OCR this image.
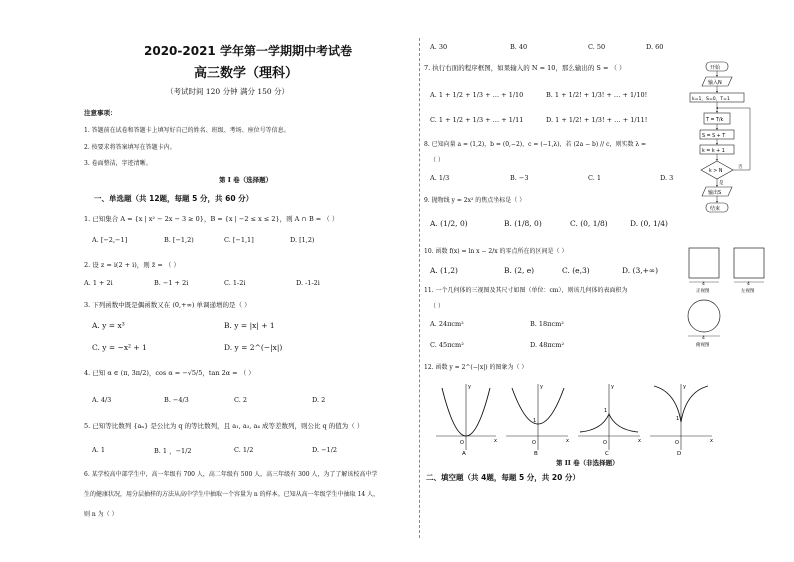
2020-2021 学年第一学期期中考试卷
高三数学（理科）
（考试时间 120 分钟 满分 150 分）
注意事项：
1. 答题前在试卷和答题卡上填写好自己的姓名、班级、考场、座位号等信息。
2. 按要求将答案填写在答题卡内。
3. 卷面整洁，字迹清晰。
第 I 卷（选择题）
一、单选题（共 12题，每题 5 分，共 60 分）
1. 已知集合 A = {x | x² − 2x − 3 ≥ 0}，B = {x | −2 ≤ x ≤ 2}，则 A ∩ B = （ ）
A. [−2,−1]	B. [−1,2)	C. [−1,1]	D. [1,2)
2. 设 z = i(2 + i)，则 z̄ = （ ）
A. 1 + 2i	B. −1 + 2i	C. 1-2i	D. -1-2i
3. 下列函数中既是偶函数又在 (0,+∞) 单调递增的是（ ）
A. y = x³	B. y = |x| + 1
C. y = −x² + 1	D. y = 2^(−|x|)
4. 已知 α ∈ (π, 3π/2)，cos α = −√5/5，tan 2α = （ ）
A. 4/3	B. −4/3	C. 2	D. 2
5. 已知等比数列 {aₙ} 是公比为 q 的等比数列，且 a₁, a₃, a₄ 成等差数列，则公比 q 的值为（ ）
A. 1	B. 1 ，−1/2	C. 1/2	D. −1/2
6. 某学校高中部学生中，高一年级有 700 人，高二年级有 500 人，高三年级有 300 人，为了了解该校高中学
生的健康状况，用分层抽样的方法从高中学生中抽取一个容量为 n 的样本。已知从高一年级学生中抽取 14 人，
则 n 为（ ）
A. 30	B. 40	C. 50	D. 60
7. 执行右面的程序框图，如果输入的 N = 10，那么输出的 S = （ ）
A. 1 + 1/2 + 1/3 + … + 1/10	B. 1 + 1/2! + 1/3! + … + 1/10!
C. 1 + 1/2 + 1/3 + … + 1/11	D. 1 + 1/2! + 1/3! + … + 1/11!
8. 已知向量 a = (1,2)，b = (0,−2)，c = (−1,λ)，若 (2a − b) // c，则实数 λ =
（ ）
A. 1/3	B. −3	C. 1	D. 3
9. 抛物线 y = 2x² 的焦点坐标是（ ）
A. (1/2, 0)	B. (1/8, 0)	C. (0, 1/8)	D. (0, 1/4)
10. 函数 f(x) = ln x − 2/x 的零点所在的区间是（ ）
A. (1,2)	B. (2, e)	C. (e,3)	D. (3,+∞)
11. 一个几何体的三视图及其尺寸如图（单位：cm），则该几何体的表面积为
（ ）
A. 24πcm²	B. 18πcm²
C. 45πcm²	D. 48πcm²
12. 函数 y = 2^(−|x|) 的图象为（ ）
O	x
y
A
O
1
x
y
B
O
1
x
y
C
O
1
x
y
D
第 II 卷（非选择题）
二、填空题（共 4题，每题 5 分，共 20 分）
开始
输入N
k=1，S=0，T=1
T = T/k
S = S + T
k = k + 1
k > N
否
是
输出S
结束
4
正视图
4
左视图
4
俯视图
